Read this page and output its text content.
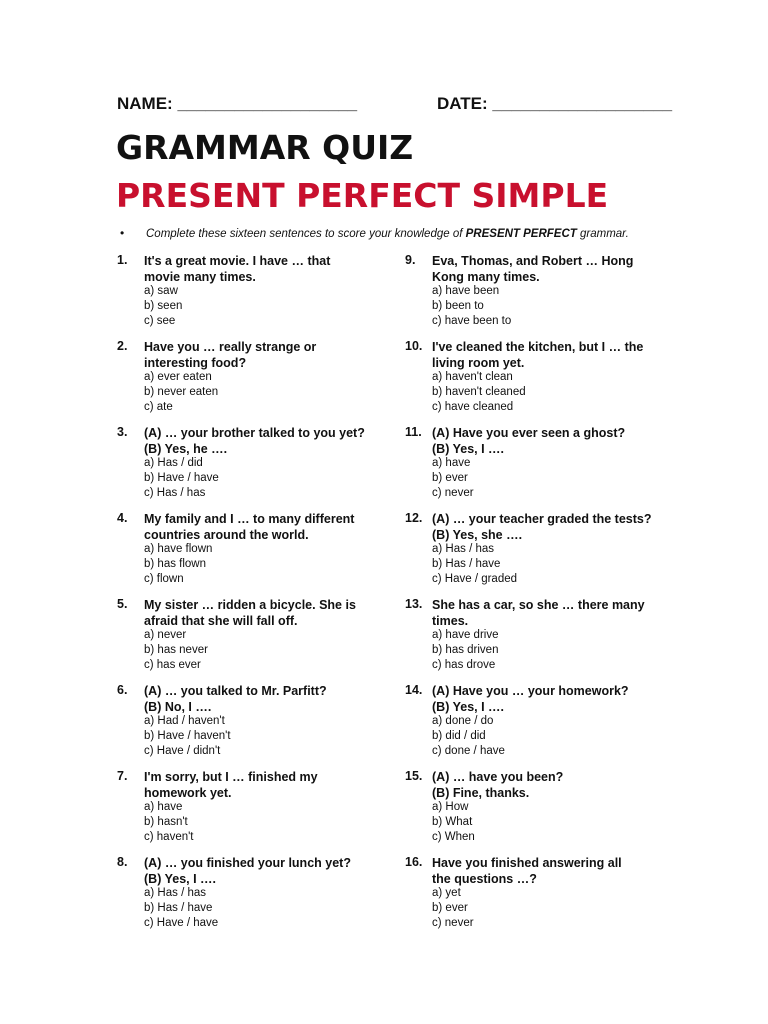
NAME: ___________________	DATE: ___________________
GRAMMAR QUIZ
PRESENT PERFECT SIMPLE
• Complete these sixteen sentences to score your knowledge of PRESENT PERFECT grammar.
1. It's a great movie. I have … that
movie many times.
a) saw
b) seen
c) see
2. Have you … really strange or
interesting food?
a) ever eaten
b) never eaten
c) ate
3. (A) … your brother talked to you yet?
(B) Yes, he ….
a) Has / did
b) Have / have
c) Has / has
4. My family and I … to many different
countries around the world.
a) have flown
b) has flown
c) flown
5. My sister … ridden a bicycle. She is
afraid that she will fall off.
a) never
b) has never
c) has ever
6. (A) … you talked to Mr. Parfitt?
(B) No, I ….
a) Had / haven't
b) Have / haven't
c) Have / didn't
7. I'm sorry, but I … finished my
homework yet.
a) have
b) hasn't
c) haven't
8. (A) … you finished your lunch yet?
(B) Yes, I ….
a) Has / has
b) Has / have
c) Have / have
9. Eva, Thomas, and Robert … Hong
Kong many times.
a) have been
b) been to
c) have been to
10. I've cleaned the kitchen, but I … the
living room yet.
a) haven't clean
b) haven't cleaned
c) have cleaned
11. (A) Have you ever seen a ghost?
(B) Yes, I ….
a) have
b) ever
c) never
12. (A) … your teacher graded the tests?
(B) Yes, she ….
a) Has / has
b) Has / have
c) Have / graded
13. She has a car, so she … there many
times.
a) have drive
b) has driven
c) has drove
14. (A) Have you … your homework?
(B) Yes, I ….
a) done / do
b) did / did
c) done / have
15. (A) … have you been?
(B) Fine, thanks.
a) How
b) What
c) When
16. Have you finished answering all
the questions …?
a) yet
b) ever
c) never
